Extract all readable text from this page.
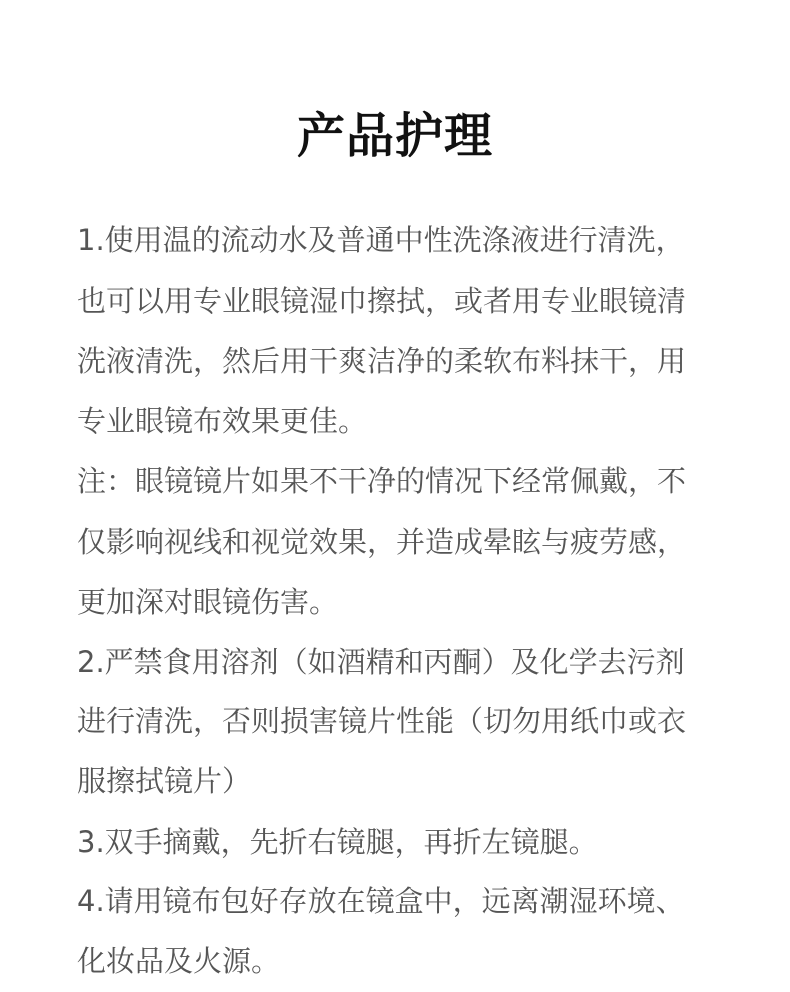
产品护理
1.使用温的流动水及普通中性洗涤液进行清洗，
也可以用专业眼镜湿巾擦拭，或者用专业眼镜清
洗液清洗，然后用干爽洁净的柔软布料抹干，用
专业眼镜布效果更佳。
注：眼镜镜片如果不干净的情况下经常佩戴，不
仅影响视线和视觉效果，并造成晕眩与疲劳感，
更加深对眼镜伤害。
2.严禁食用溶剂（如酒精和丙酮）及化学去污剂
进行清洗，否则损害镜片性能（切勿用纸巾或衣
服擦拭镜片）
3.双手摘戴，先折右镜腿，再折左镜腿。
4.请用镜布包好存放在镜盒中，远离潮湿环境、
化妆品及火源。
